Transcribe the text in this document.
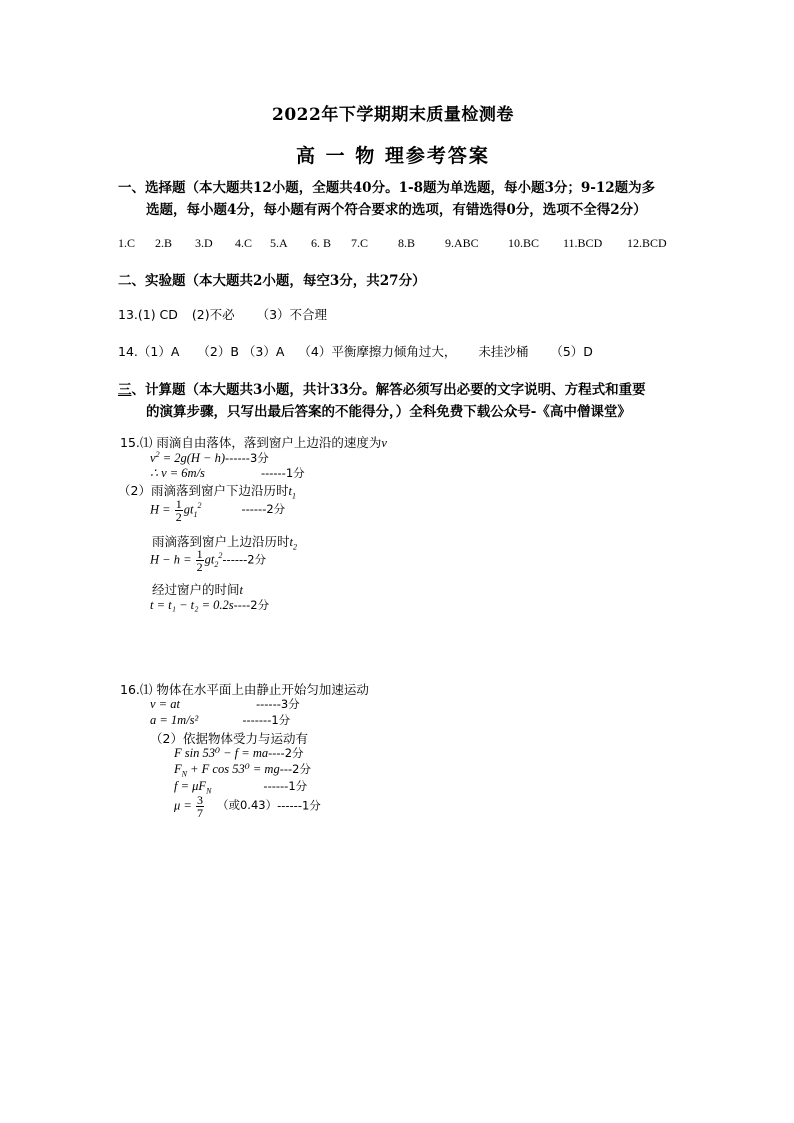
2022年下学期期末质量检测卷
高 一 物 理参考答案
一、选择题（本大题共12小题，全题共40分。1-8题为单选题，每小题3分；9-12题为多
选题，每小题4分，每小题有两个符合要求的选项，有错选得0分，选项不全得2分）
1.C 2.B 3.D 4.C 5.A 6. B 7.C 8.B 9.ABC 10.BC 11.BCD 12.BCD
二、实验题（本大题共2小题，每空3分，共27分）
13.(1) CD (2)不必 （3）不合理
14.（1）A （2）B （3）A （4）平衡摩擦力倾角过大， 未挂沙桶 （5）D
三、计算题（本大题共3小题，共计33分。解答必须写出必要的文字说明、方程式和重要
的演算步骤，只写出最后答案的不能得分，）全科免费下载公众号-《高中僧课堂》
15.⑴ 雨滴自由落体，落到窗户上边沿的速度为v
$v^2 = 2g(H - h)------3$分
∴ v = 6m/s	------1分
（2）雨滴落到窗户下边沿历时$t_1$
$H = \frac{1}{2} gt_1^2$	------2分
雨滴落到窗户上边沿历时$t_2$
$H - h = \frac{1}{2} gt_2^2------2$分
经过窗户的时间t
t = t₁ − t₂ = 0.2s----2分
16.⑴ 物体在水平面上由静止开始匀加速运动
v = at	------3分
a = 1m/s²	-------1分
（2）依据物体受力与运动有
F sin 53⁰ − f = ma----2分
$F_N + F$ cos 53⁰ = mg---2分
$f = \mu F_N$	------1分
$\mu = \frac{3}{7}$ （或0.43）------1分
